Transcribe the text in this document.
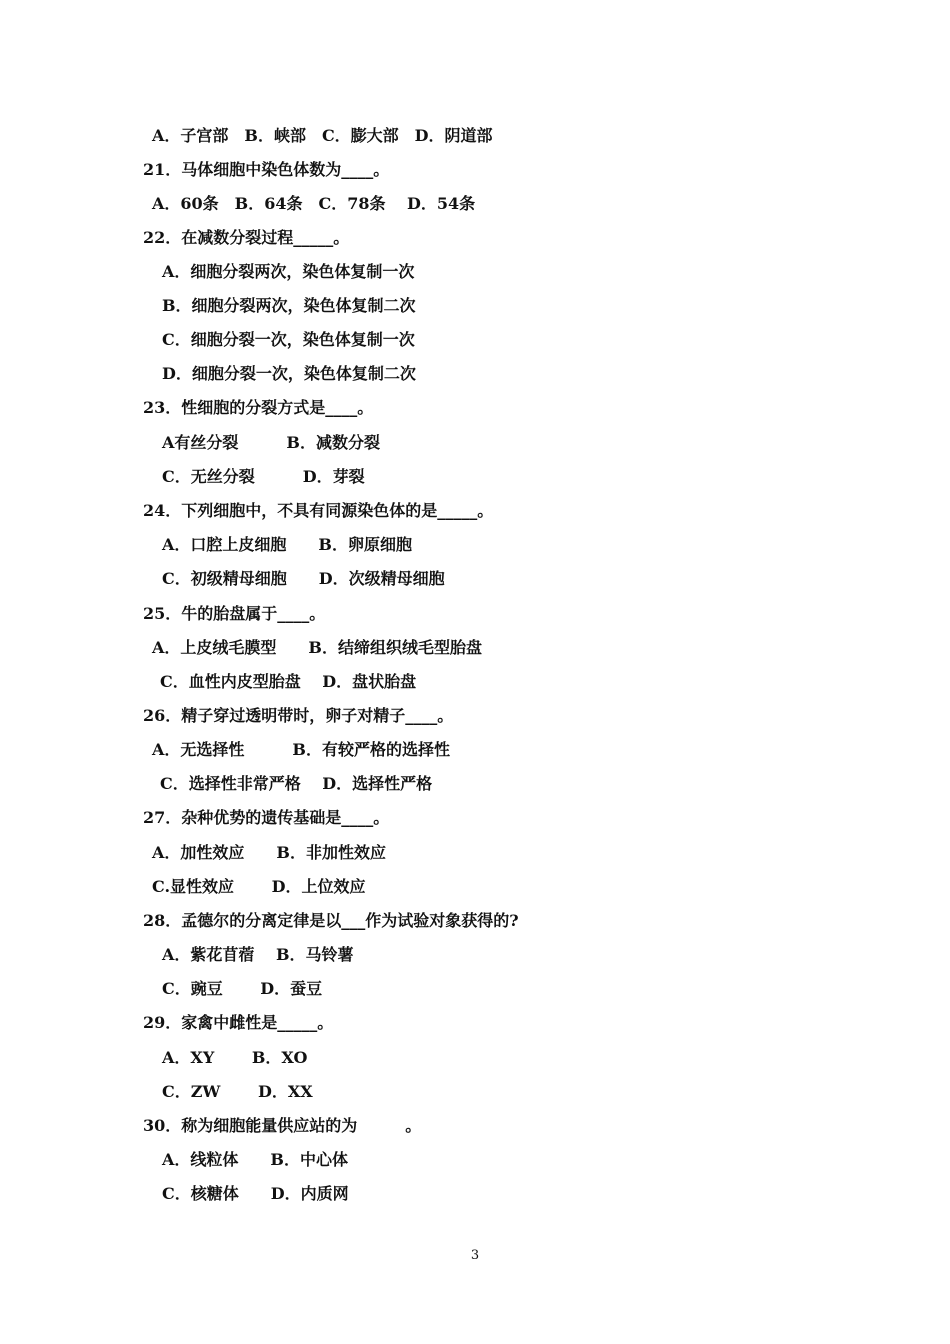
A．子宫部　B．峡部　C．膨大部　D．阴道部
21．马体细胞中染色体数为____。
A．60条　B．64条　C．78条　 D．54条
22．在减数分裂过程_____。
A．细胞分裂两次，染色体复制一次
B．细胞分裂两次，染色体复制二次
C．细胞分裂一次，染色体复制一次
D．细胞分裂一次，染色体复制二次
23．性细胞的分裂方式是____。
A有丝分裂　　　B．减数分裂
C．无丝分裂　　　D．芽裂
24．下列细胞中，不具有同源染色体的是_____。
A．口腔上皮细胞　　B．卵原细胞
C．初级精母细胞　　D．次级精母细胞
25．牛的胎盘属于____。
A．上皮绒毛膜型　　B．结缔组织绒毛型胎盘
C．血性内皮型胎盘　 D．盘状胎盘
26．精子穿过透明带时，卵子对精子____。
A．无选择性　　　B．有较严格的选择性
C．选择性非常严格　 D．选择性严格
27．杂种优势的遗传基础是____。
A．加性效应　　B．非加性效应
C.显性效应　　 D．上位效应
28．孟德尔的分离定律是以___作为试验对象获得的?
A．紫花苜蓿　 B．马铃薯
C．豌豆　　 D．蚕豆
29．家禽中雌性是_____。
A．XY　　 B．XO
C．ZW　　 D．XX
30．称为细胞能量供应站的为　　　。
A．线粒体　　B．中心体
C．核糖体　　D．内质网
3
